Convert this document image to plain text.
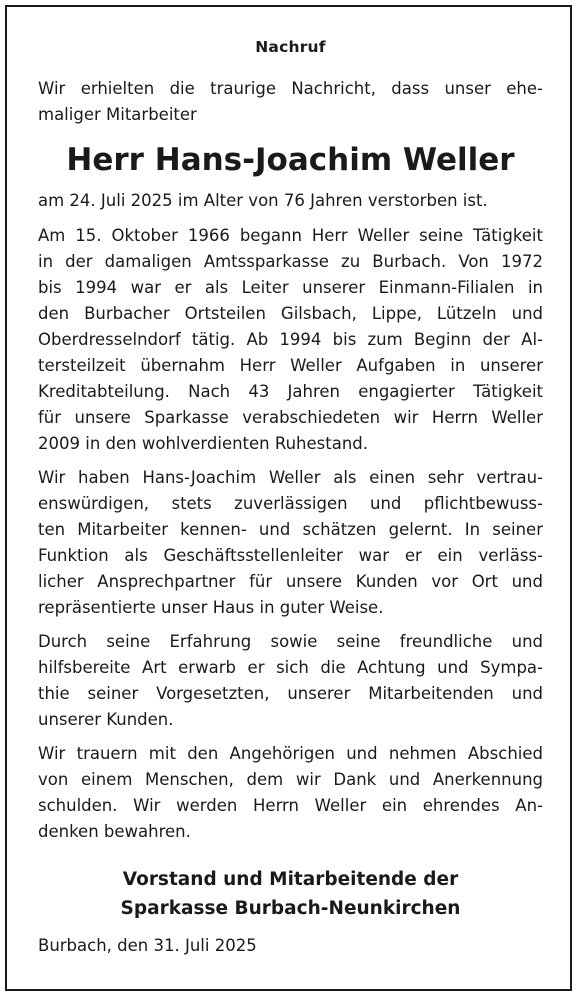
Nachruf

Wir erhielten die traurige Nachricht, dass unser ehe-
maliger Mitarbeiter

Herr Hans-Joachim Weller

am 24. Juli 2025 im Alter von 76 Jahren verstorben ist.

Am 15. Oktober 1966 begann Herr Weller seine Tätigkeit
in der damaligen Amtssparkasse zu Burbach. Von 1972
bis 1994 war er als Leiter unserer Einmann-Filialen in
den Burbacher Ortsteilen Gilsbach, Lippe, Lützeln und
Oberdresselndorf tätig. Ab 1994 bis zum Beginn der Al-
tersteilzeit übernahm Herr Weller Aufgaben in unserer
Kreditabteilung. Nach 43 Jahren engagierter Tätigkeit
für unsere Sparkasse verabschiedeten wir Herrn Weller
2009 in den wohlverdienten Ruhestand.

Wir haben Hans-Joachim Weller als einen sehr vertrau-
enswürdigen, stets zuverlässigen und pflichtbewuss-
ten Mitarbeiter kennen- und schätzen gelernt. In seiner
Funktion als Geschäftsstellenleiter war er ein verläss-
licher Ansprechpartner für unsere Kunden vor Ort und
repräsentierte unser Haus in guter Weise.

Durch seine Erfahrung sowie seine freundliche und
hilfsbereite Art erwarb er sich die Achtung und Sympa-
thie seiner Vorgesetzten, unserer Mitarbeitenden und
unserer Kunden.

Wir trauern mit den Angehörigen und nehmen Abschied
von einem Menschen, dem wir Dank und Anerkennung
schulden. Wir werden Herrn Weller ein ehrendes An-
denken bewahren.

Vorstand und Mitarbeitende der
Sparkasse Burbach-Neunkirchen
Burbach, den 31. Juli 2025
